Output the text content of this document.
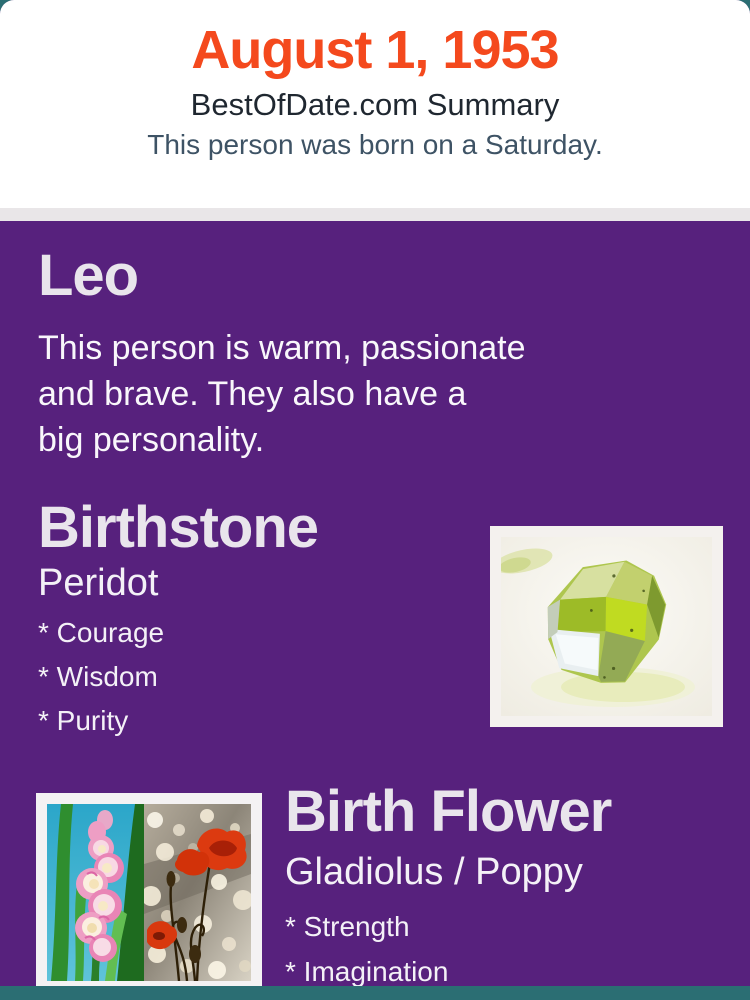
August 1, 1953
BestOfDate.com Summary
This person was born on a Saturday.
Leo
This person is warm, passionate
and brave. They also have a
big personality.
Birthstone
Peridot
* Courage
* Wisdom
* Purity
Birth Flower
Gladiolus / Poppy
* Strength
* Imagination
